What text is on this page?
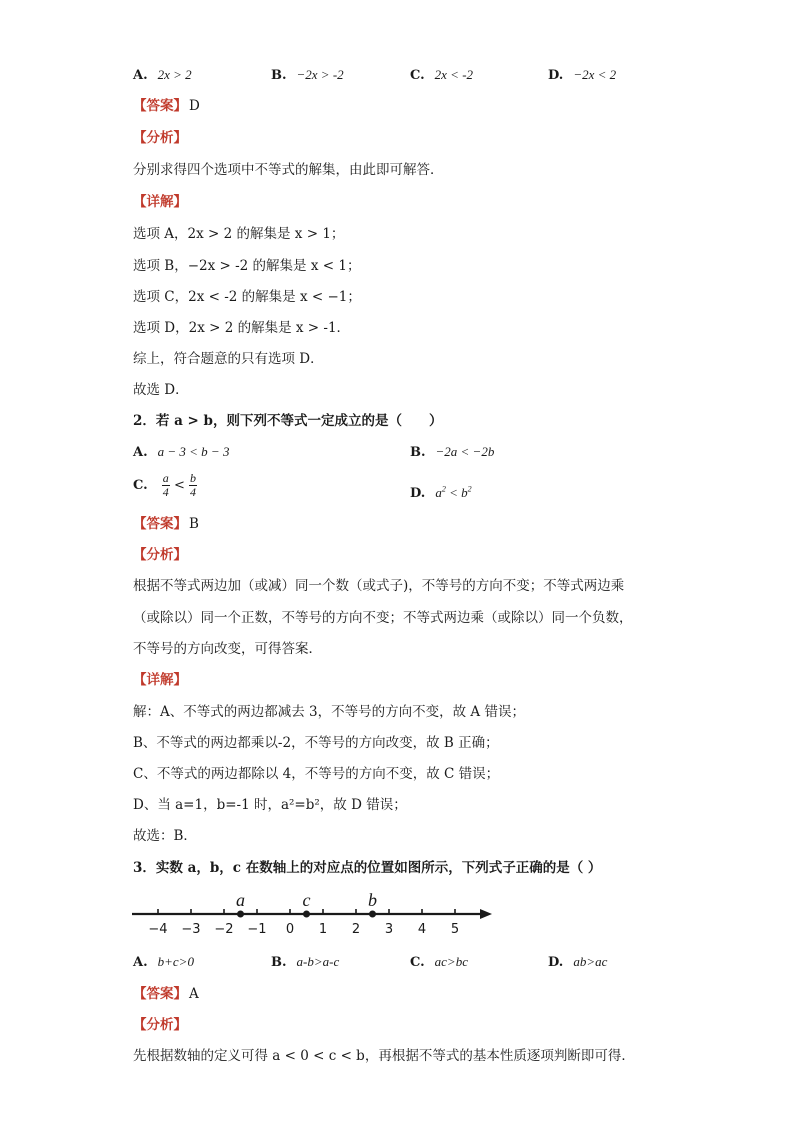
A. 2x > 2	B. −2x > -2	C. 2x < -2	D. −2x < 2
【答案】 D
【分析】
分别求得四个选项中不等式的解集，由此即可解答．
【详解】
选项 A，2x > 2 的解集是 x > 1；
选项 B，−2x > -2 的解集是 x < 1；
选项 C，2x < -2 的解集是 x < −1；
选项 D，2x > 2 的解集是 x > -1．
综上，符合题意的只有选项 D．
故选 D．
2．若 a > b，则下列不等式一定成立的是（　　）
A. a − 3 < b − 3	B. −2a < −2b
C. $\frac{a}{4} < \frac{b}{4}$	D. $a^2 < b^2$
【答案】 B
【分析】
根据不等式两边加（或减）同一个数（或式子)，不等号的方向不变；不等式两边乘
（或除以）同一个正数，不等号的方向不变；不等式两边乘（或除以）同一个负数，
不等号的方向改变，可得答案．
【详解】
解：A、不等式的两边都减去 3，不等号的方向不变，故 A 错误；
B、不等式的两边都乘以-2，不等号的方向改变，故 B 正确；
C、不等式的两边都除以 4，不等号的方向不变，故 C 错误；
D、当 a=1，b=-1 时，a²=b²，故 D 错误；
故选：B．
3．实数 a，b，c 在数轴上的对应点的位置如图所示，下列式子正确的是（ ）
−4 −3 −2 −1 0 1 2 3 4 5
a	c	b
A. b+c>0	B. a-b>a-c	C. ac>bc	D. ab>ac
【答案】 A
【分析】
先根据数轴的定义可得 a < 0 < c < b，再根据不等式的基本性质逐项判断即可得．
